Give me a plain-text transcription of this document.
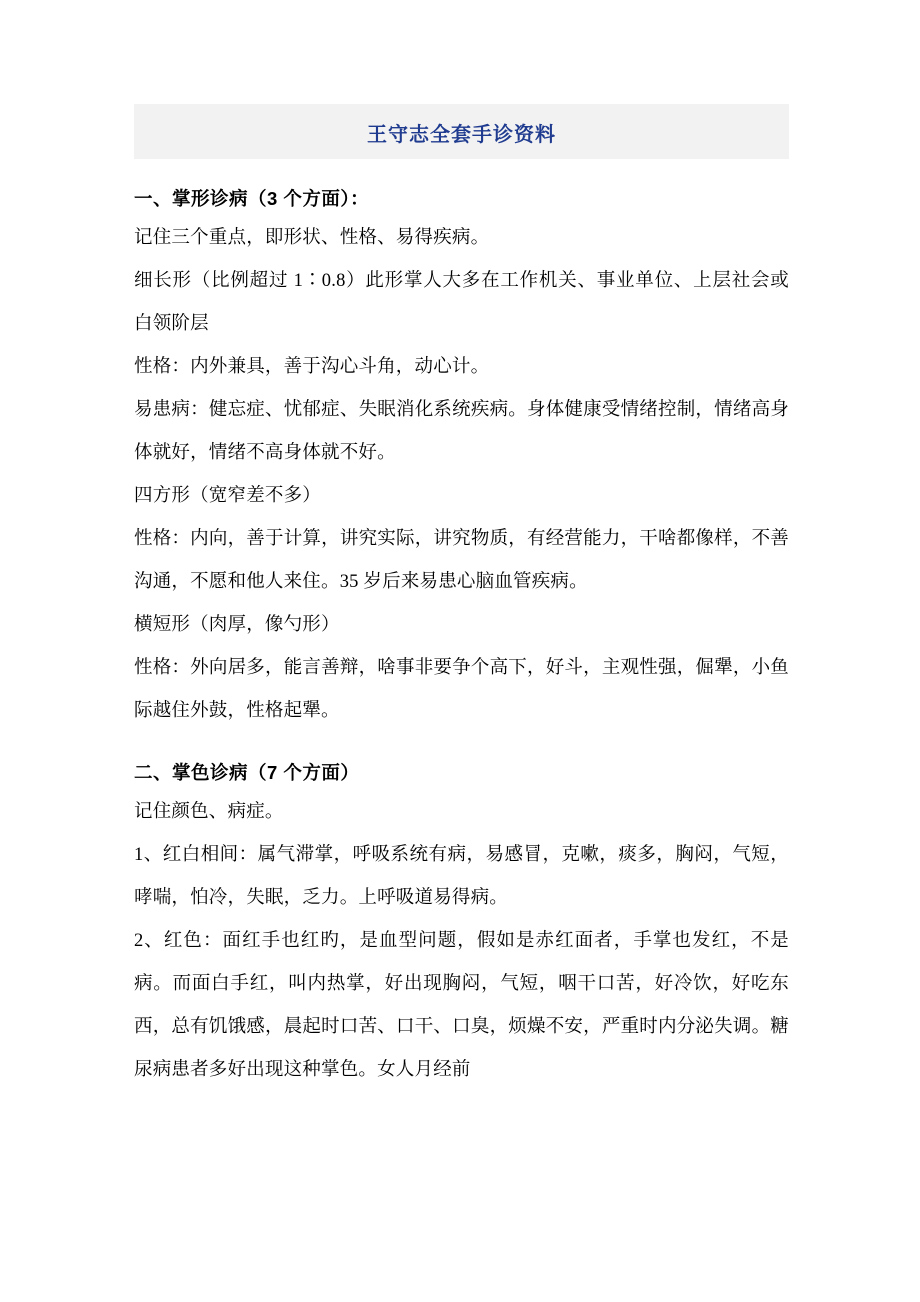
王守志全套手诊资料
一、掌形诊病（3 个方面）：

记住三个重点，即形状、性格、易得疾病。

细长形（比例超过 1∶0.8）此形掌人大多在工作机关、事业单位、上层社会或白领阶层

性格：内外兼具，善于沟心斗角，动心计。

易患病：健忘症、忧郁症、失眠消化系统疾病。身体健康受情绪控制，情绪高身体就好，情绪不高身体就不好。

四方形（宽窄差不多）

性格：内向，善于计算，讲究实际，讲究物质，有经营能力，干啥都像样，不善沟通，不愿和他人来住。35 岁后来易患心脑血管疾病。

横短形（肉厚，像勺形）

性格：外向居多，能言善辩，啥事非要争个高下，好斗，主观性强，倔犟，小鱼际越住外鼓，性格起犟。

二、掌色诊病（7 个方面）

记住颜色、病症。

1、红白相间：属气滞掌，呼吸系统有病，易感冒，克嗽，痰多，胸闷，气短，哮喘，怕冷，失眠，乏力。上呼吸道易得病。

2、红色：面红手也红旳，是血型问题，假如是赤红面者，手掌也发红，不是病。而面白手红，叫内热掌，好出现胸闷，气短，咽干口苦，好冷饮，好吃东西，总有饥饿感，晨起时口苦、口干、口臭，烦燥不安，严重时内分泌失调。糖尿病患者多好出现这种掌色。女人月经前
